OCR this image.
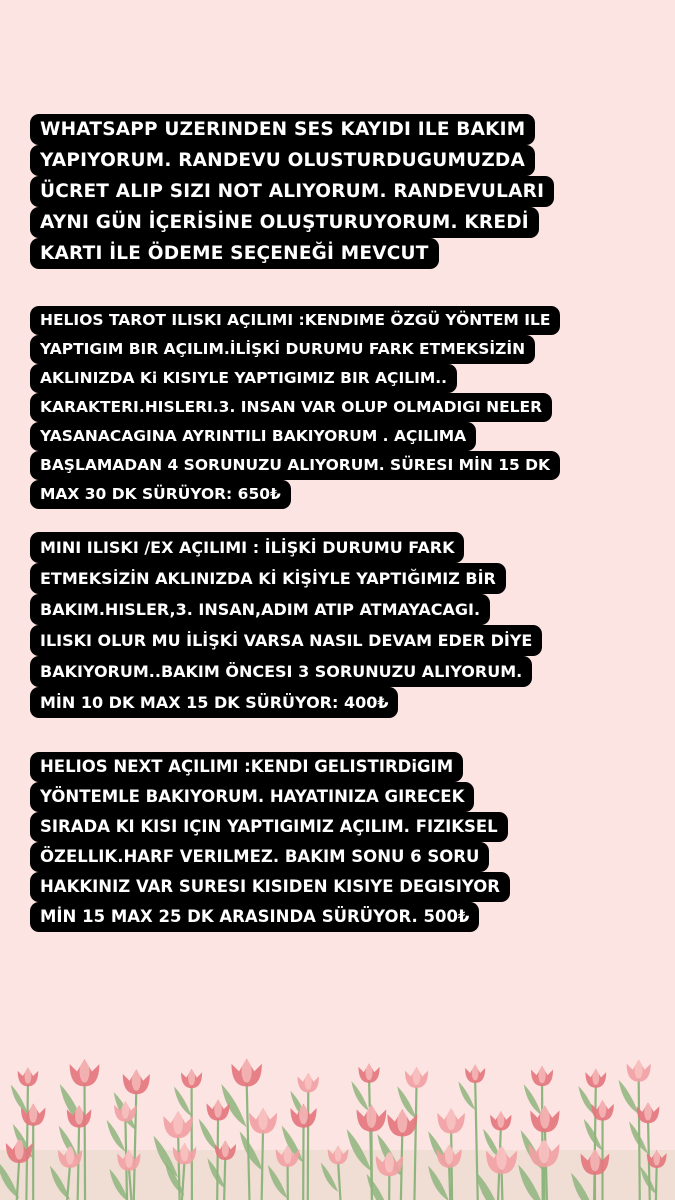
WHATSAPP UZERINDEN SES KAYIDI ILE BAKIM
YAPIYORUM. RANDEVU OLUSTURDUGUMUZDA
ÜCRET ALIP SIZI NOT ALIYORUM. RANDEVULARI
AYNI GÜN İÇERİSİNE OLUŞTURUYORUM. KREDİ
KARTI İLE ÖDEME SEÇENEĞİ MEVCUT
HELIOS TAROT ILISKI AÇILIMI :KENDIME ÖZGÜ YÖNTEM ILE
YAPTIGIM BIR AÇILIM.İLİŞKİ DURUMU FARK ETMEKSİZİN
AKLINIZDA Ki KISIYLE YAPTIGIMIZ BIR AÇILIM..
KARAKTERI.HISLERI.3. INSAN VAR OLUP OLMADIGI NELER
YASANACAGINA AYRINTILI BAKIYORUM . AÇILIMA
BAŞLAMADAN 4 SORUNUZU ALIYORUM. SÜRESI MİN 15 DK
MAX 30 DK SÜRÜYOR: 650₺
MINI ILISKI /EX AÇILIMI : İLİŞKİ DURUMU FARK
ETMEKSİZİN AKLINIZDA Kİ KİŞİYLE YAPTIĞIMIZ BİR
BAKIM.HISLER,3. INSAN,ADIM ATIP ATMAYACAGI.
ILISKI OLUR MU İLİŞKİ VARSA NASIL DEVAM EDER DİYE
BAKIYORUM..BAKIM ÖNCESI 3 SORUNUZU ALIYORUM.
MİN 10 DK MAX 15 DK SÜRÜYOR: 400₺
HELIOS NEXT AÇILIMI :KENDI GELISTIRDiGIM
YÖNTEMLE BAKIYORUM. HAYATINIZA GIRECEK
SIRADA KI KISI IÇIN YAPTIGIMIZ AÇILIM. FIZIKSEL
ÖZELLIK.HARF VERILMEZ. BAKIM SONU 6 SORU
HAKKINIZ VAR SURESI KISIDEN KISIYE DEGISIYOR
MİN 15 MAX 25 DK ARASINDA SÜRÜYOR. 500₺
